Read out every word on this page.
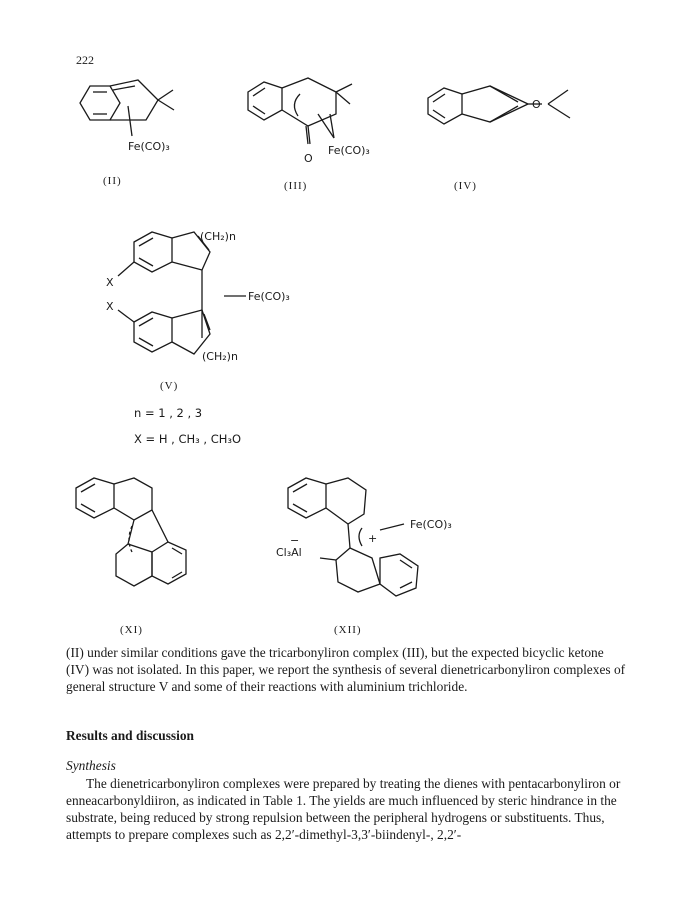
222
Fe(CO)₃
(II)
O
Fe(CO)₃
(III)
O
(IV)
(CH₂)n
X
X
Fe(CO)₃
(CH₂)n
(V)
n = 1 , 2 , 3
X = H , CH₃ , CH₃O
(XI)
+
Fe(CO)₃
−
Cl₃Al
(XII)
(II) under similar conditions gave the tricarbonyliron complex (III), but the expected bicyclic ketone (IV) was not isolated. In this paper, we report the synthesis of several dienetricarbonyliron complexes of general structure V and some of their reactions with aluminium trichloride.
Results and discussion
Synthesis
The dienetricarbonyliron complexes were prepared by treating the dienes with pentacarbonyliron or enneacarbonyldiiron, as indicated in Table 1. The yields are much influenced by steric hindrance in the substrate, being reduced by strong repulsion between the peripheral hydrogens or substituents. Thus, attempts to prepare complexes such as 2,2′-dimethyl-3,3′-biindenyl-, 2,2′-
